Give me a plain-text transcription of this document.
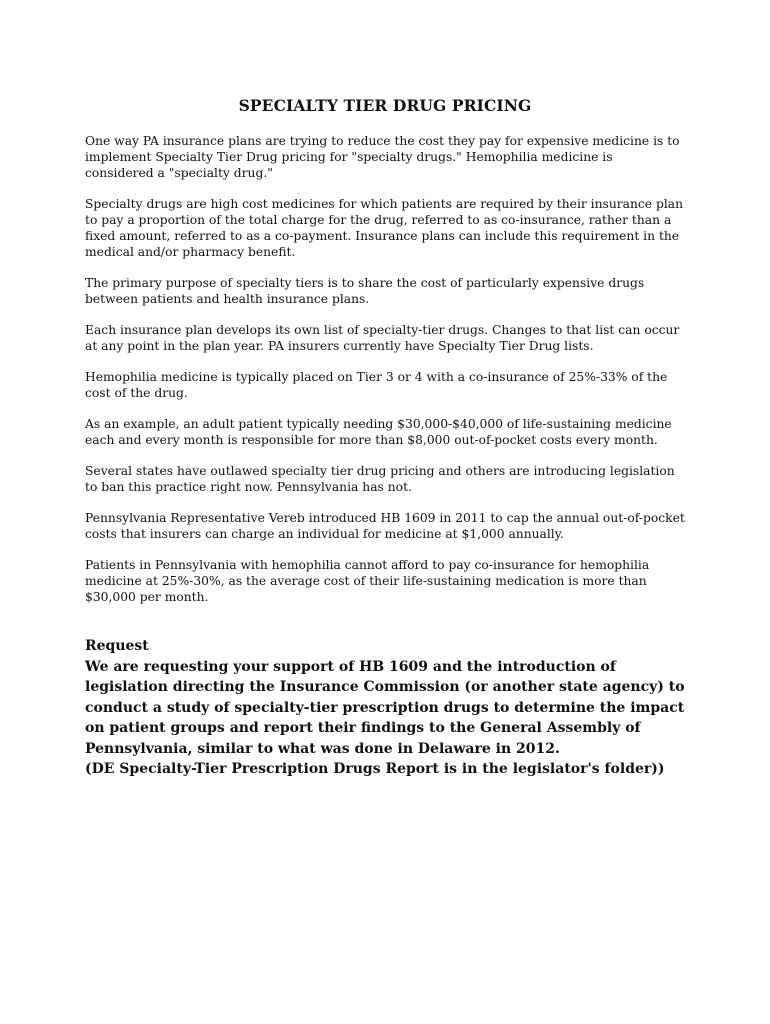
SPECIALTY TIER DRUG PRICING

One way PA insurance plans are trying to reduce the cost they pay for expensive medicine is to implement Specialty Tier Drug pricing for "specialty drugs." Hemophilia medicine is considered a "specialty drug."

Specialty drugs are high cost medicines for which patients are required by their insurance plan to pay a proportion of the total charge for the drug, referred to as co-insurance, rather than a fixed amount, referred to as a co-payment. Insurance plans can include this requirement in the medical and/or pharmacy benefit.

The primary purpose of specialty tiers is to share the cost of particularly expensive drugs between patients and health insurance plans.

Each insurance plan develops its own list of specialty-tier drugs. Changes to that list can occur at any point in the plan year. PA insurers currently have Specialty Tier Drug lists.

Hemophilia medicine is typically placed on Tier 3 or 4 with a co-insurance of 25%-33% of the cost of the drug.

As an example, an adult patient typically needing $30,000-$40,000 of life-sustaining medicine each and every month is responsible for more than $8,000 out-of-pocket costs every month.

Several states have outlawed specialty tier drug pricing and others are introducing legislation to ban this practice right now. Pennsylvania has not.

Pennsylvania Representative Vereb introduced HB 1609 in 2011 to cap the annual out-of-pocket costs that insurers can charge an individual for medicine at $1,000 annually.

Patients in Pennsylvania with hemophilia cannot afford to pay co-insurance for hemophilia medicine at 25%-30%, as the average cost of their life-sustaining medication is more than $30,000 per month.

Request

We are requesting your support of HB 1609 and the introduction of legislation directing the Insurance Commission (or another state agency) to conduct a study of specialty-tier prescription drugs to determine the impact on patient groups and report their findings to the General Assembly of Pennsylvania, similar to what was done in Delaware in 2012.

(DE Specialty-Tier Prescription Drugs Report is in the legislator's folder))
